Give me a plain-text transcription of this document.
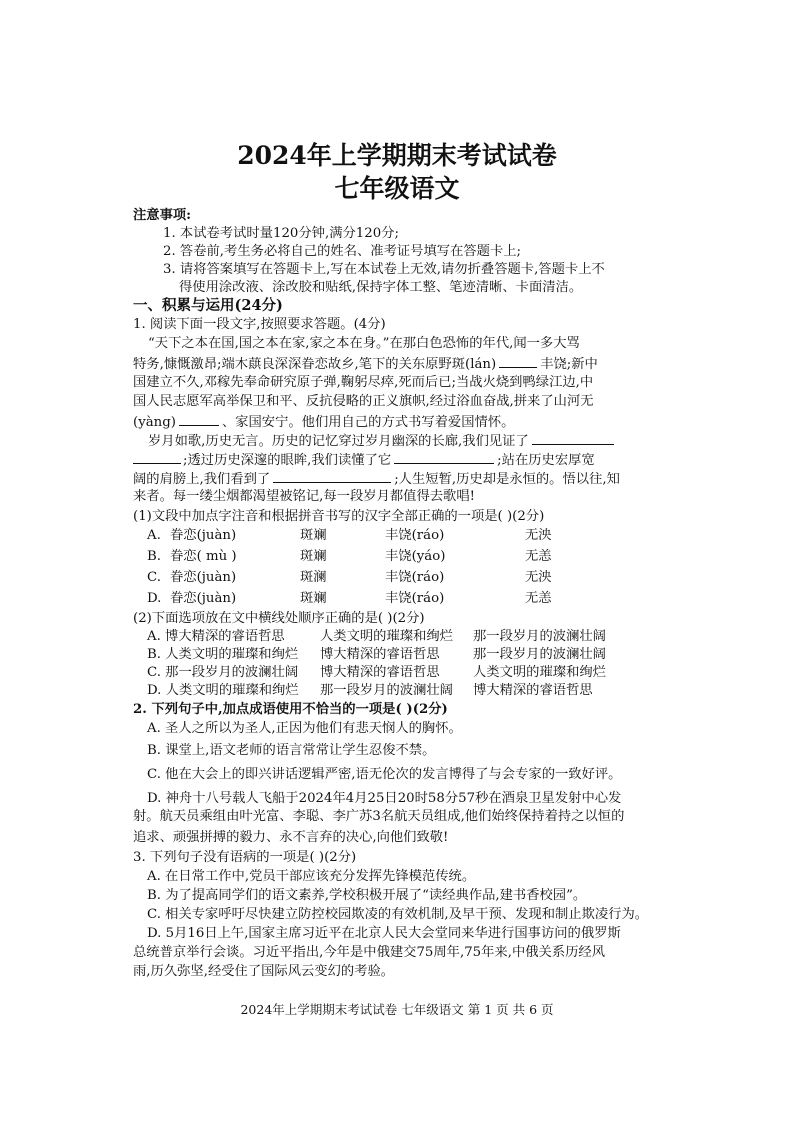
2024年上学期期末考试试卷
七年级语文
注意事项:
1. 本试卷考试时量120分钟,满分120分;
2. 答卷前,考生务必将自己的姓名、准考证号填写在答题卡上;
3. 请将答案填写在答题卡上,写在本试卷上无效,请勿折叠答题卡,答题卡上不
得使用涂改液、涂改胶和贴纸,保持字体工整、笔迹清晰、卡面清洁。
一、积累与运用(24分)
1. 阅读下面一段文字,按照要求答题。(4分)
“天下之本在国,国之本在家,家之本在身。”在那白色恐怖的年代,闻一多大骂
特务,慷慨激昂;端木蕻良深深眷恋故乡,笔下的关东原野斑(lán)	丰饶;新中
国建立不久,邓稼先奉命研究原子弹,鞠躬尽瘁,死而后已;当战火烧到鸭绿江边,中
国人民志愿军高举保卫和平、反抗侵略的正义旗帜,经过浴血奋战,拼来了山河无
(yàng)	、家国安宁。他们用自己的方式书写着爱国情怀。
岁月如歌,历史无言。历史的记忆穿过岁月幽深的长廊,我们见证了
;透过历史深邃的眼眸,我们读懂了它	;站在历史宏厚宽
阔的肩膀上,我们看到了	;人生短暂,历史却是永恒的。悟以往,知
来者。每一缕尘烟都渴望被铭记,每一段岁月都值得去歌唱!
(1)文段中加点字注音和根据拼音书写的汉字全部正确的一项是( )(2分)
A. 眷恋(juàn)	斑斓	丰饶(ráo)	无泱
B. 眷恋( mù )	斑斓	丰饶(yáo)	无恙
C. 眷恋(juàn)	斑澜	丰饶(ráo)	无泱
D. 眷恋(juàn)	斑斓	丰饶(ráo)	无恙
(2)下面选项放在文中横线处顺序正确的是( )(2分)
A. 博大精深的睿语哲思	人类文明的璀璨和绚烂 那一段岁月的波澜壮阔
B. 人类文明的璀璨和绚烂 博大精深的睿语哲思	那一段岁月的波澜壮阔
C. 那一段岁月的波澜壮阔 博大精深的睿语哲思	人类文明的璀璨和绚烂
D. 人类文明的璀璨和绚烂 那一段岁月的波澜壮阔 博大精深的睿语哲思
2. 下列句子中,加点成语使用不恰当的一项是( )(2分)
A. 圣人之所以为圣人,正因为他们有悲天悯人的胸怀。
B. 课堂上,语文老师的语言常常让学生忍俊不禁。
C. 他在大会上的即兴讲话逻辑严密,语无伦次的发言博得了与会专家的一致好评。
D. 神舟十八号载人飞船于2024年4月25日20时58分57秒在酒泉卫星发射中心发
射。航天员乘组由叶光富、李聪、李广苏3名航天员组成,他们始终保持着持之以恒的
追求、顽强拼搏的毅力、永不言弃的决心,向他们致敬!
3. 下列句子没有语病的一项是( )(2分)
A. 在日常工作中,党员干部应该充分发挥先锋模范传统。
B. 为了提高同学们的语文素养,学校积极开展了“读经典作品,建书香校园”。
C. 相关专家呼吁尽快建立防控校园欺凌的有效机制,及早干预、发现和制止欺凌行为。
D. 5月16日上午,国家主席习近平在北京人民大会堂同来华进行国事访问的俄罗斯
总统普京举行会谈。习近平指出,今年是中俄建交75周年,75年来,中俄关系历经风
雨,历久弥坚,经受住了国际风云变幻的考验。
2024年上学期期末考试试卷 七年级语文 第 1 页 共 6 页
